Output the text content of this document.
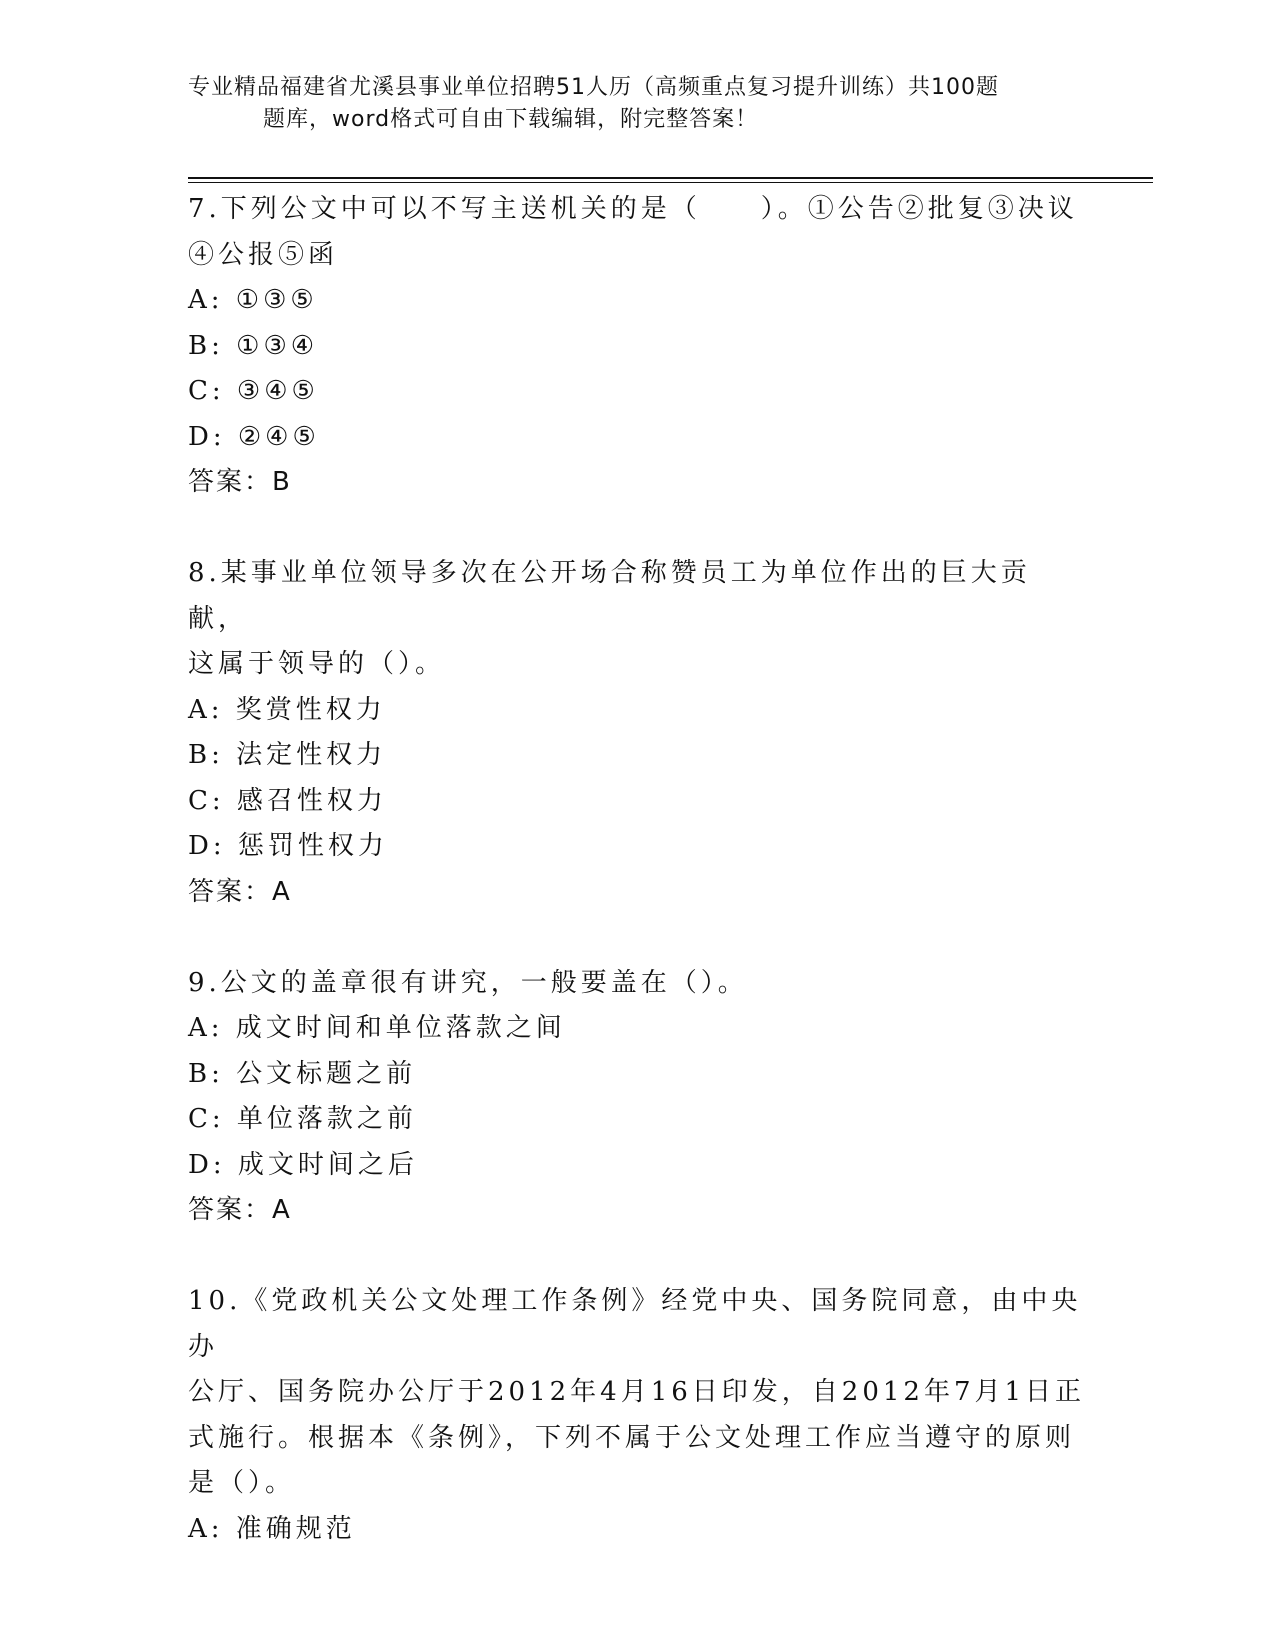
专业精品福建省尤溪县事业单位招聘51人历（高频重点复习提升训练）共100题
题库，word格式可自由下载编辑，附完整答案！

7.下列公文中可以不写主送机关的是（　　）。①公告②批复③决议

④公报⑤函

A: ①③⑤

B: ①③④

C: ③④⑤

D: ②④⑤

答案：B

8.某事业单位领导多次在公开场合称赞员工为单位作出的巨大贡献，

这属于领导的（）。

A: 奖赏性权力

B: 法定性权力

C: 感召性权力

D: 惩罚性权力

答案：A

9.公文的盖章很有讲究，一般要盖在（）。

A: 成文时间和单位落款之间

B: 公文标题之前

C: 单位落款之前

D: 成文时间之后

答案：A

10.《党政机关公文处理工作条例》经党中央、国务院同意，由中央办

公厅、国务院办公厅于2012年4月16日印发，自2012年7月1日正

式施行。根据本《条例》，下列不属于公文处理工作应当遵守的原则

是（）。

A: 准确规范
